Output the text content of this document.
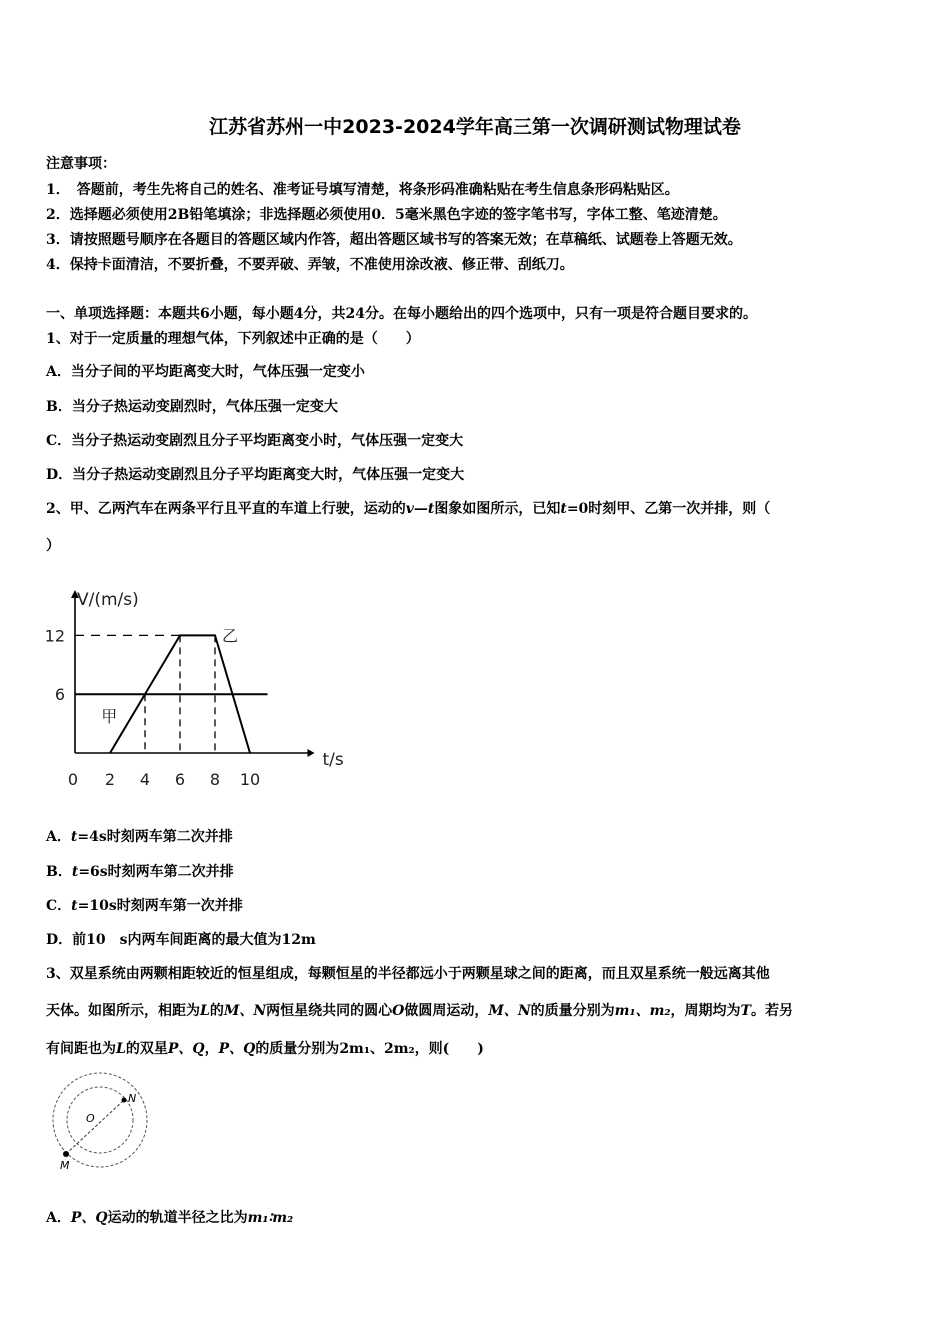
江苏省苏州一中2023-2024学年高三第一次调研测试物理试卷
注意事项：
1．　答题前，考生先将自己的姓名、准考证号填写清楚，将条形码准确粘贴在考生信息条形码粘贴区。
2．选择题必须使用2B铅笔填涂；非选择题必须使用0．5毫米黑色字迹的签字笔书写，字体工整、笔迹清楚。
3．请按照题号顺序在各题目的答题区域内作答，超出答题区域书写的答案无效；在草稿纸、试题卷上答题无效。
4．保持卡面清洁，不要折叠，不要弄破、弄皱，不准使用涂改液、修正带、刮纸刀。
一、单项选择题：本题共6小题，每小题4分，共24分。在每小题给出的四个选项中，只有一项是符合题目要求的。
1、对于一定质量的理想气体，下列叙述中正确的是（　　）
A．当分子间的平均距离变大时，气体压强一定变小
B．当分子热运动变剧烈时，气体压强一定变大
C．当分子热运动变剧烈且分子平均距离变小时，气体压强一定变大
D．当分子热运动变剧烈且分子平均距离变大时，气体压强一定变大
2、甲、乙两汽车在两条平行且平直的车道上行驶，运动的v—t图象如图所示，已知t=0时刻甲、乙第一次并排，则（
）
V/(m/s)
t/s
6
12
0 2 4 6 8 10
甲
乙
A．t=4s时刻两车第二次并排
B．t=6s时刻两车第二次并排
C．t=10s时刻两车第一次并排
D．前10　s内两车间距离的最大值为12m
3、双星系统由两颗相距较近的恒星组成，每颗恒星的半径都远小于两颗星球之间的距离，而且双星系统一般远离其他
天体。如图所示，相距为L的M、N两恒星绕共同的圆心O做圆周运动，M、N的质量分别为m₁、m₂，周期均为T。若另
有间距也为L的双星P、Q，P、Q的质量分别为2m₁、2m₂，则(　　)
O
N
M
A．P、Q运动的轨道半径之比为m₁∶m₂
